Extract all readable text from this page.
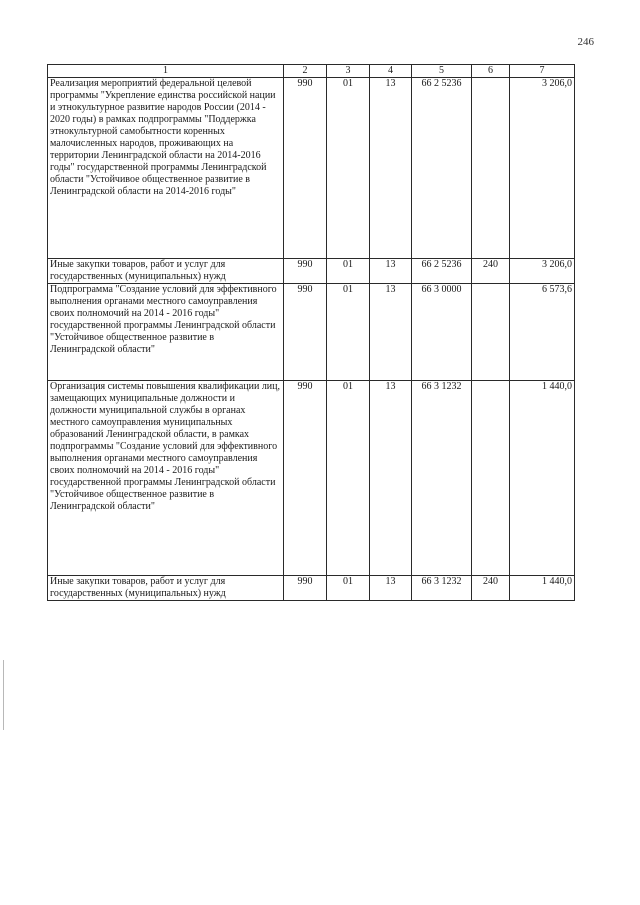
246
1	2	3	4	5	6	7
Реализация мероприятий федеральной целевой программы "Укрепление единства российской нации и этнокультурное развитие народов России (2014 - 2020 годы) в рамках подпрограммы "Поддержка этнокультурной самобытности коренных малочисленных народов, проживающих на территории Ленинградской области на 2014-2016 годы" государственной программы Ленинградской области "Устойчивое общественное развитие в Ленинградской области на 2014-2016 годы"	990	01	13	66 2 5236		3 206,0
Иные закупки товаров, работ и услуг для государственных (муниципальных) нужд	990	01	13	66 2 5236	240	3 206,0
Подпрограмма "Создание условий для эффективного выполнения органами местного самоуправления своих полномочий на 2014 - 2016 годы" государственной программы Ленинградской области "Устойчивое общественное развитие в Ленинградской области"	990	01	13	66 3 0000		6 573,6
Организация системы повышения квалификации лиц, замещающих муниципальные должности и должности муниципальной службы в органах местного самоуправления муниципальных образований Ленинградской области, в рамках подпрограммы "Создание условий для эффективного выполнения органами местного самоуправления своих полномочий на 2014 - 2016 годы" государственной программы Ленинградской области "Устойчивое общественное развитие в Ленинградской области"	990	01	13	66 3 1232		1 440,0
Иные закупки товаров, работ и услуг для государственных (муниципальных) нужд	990	01	13	66 3 1232	240	1 440,0
